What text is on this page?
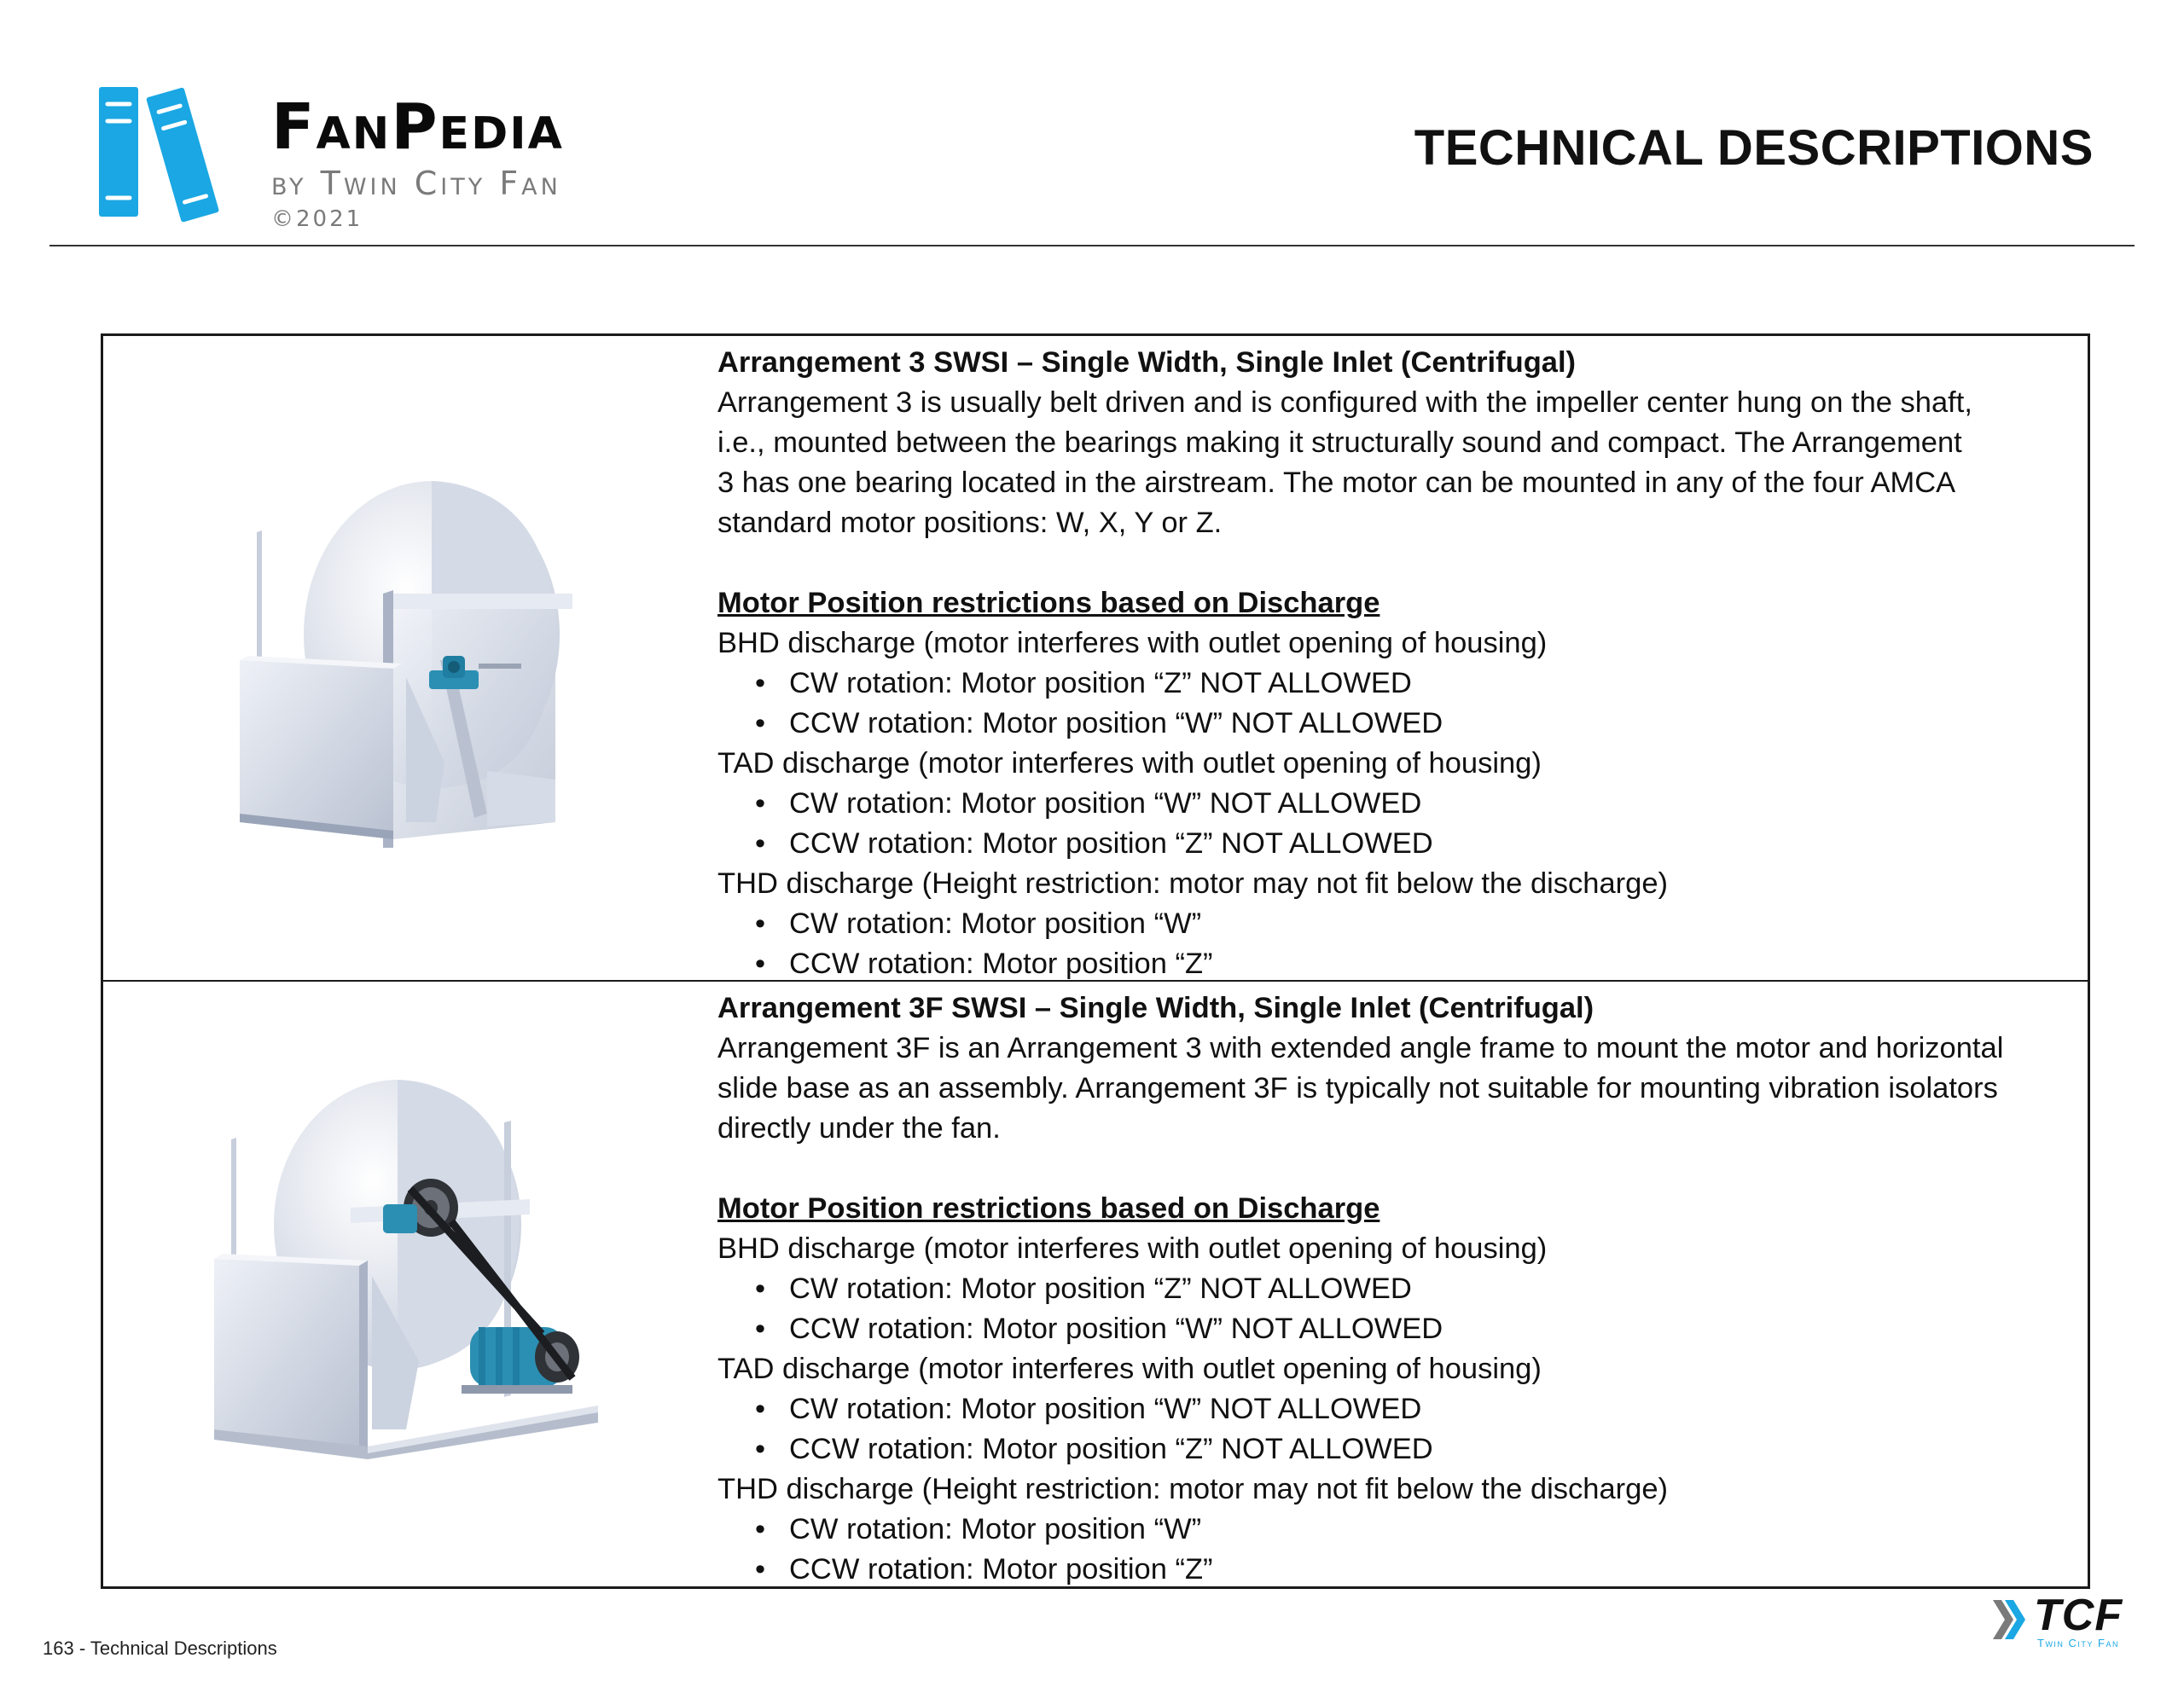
FanPedia
by Twin City Fan
©2021
TECHNICAL DESCRIPTIONS

Arrangement 3 SWSI – Single Width, Single Inlet (Centrifugal)

Arrangement 3 is usually belt driven and is configured with the impeller center hung on the shaft,

i.e., mounted between the bearings making it structurally sound and compact. The Arrangement

3 has one bearing located in the airstream. The motor can be mounted in any of the four AMCA

standard motor positions: W, X, Y or Z.

Motor Position restrictions based on Discharge

BHD discharge (motor interferes with outlet opening of housing)

• CW rotation: Motor position “Z” NOT ALLOWED
• CCW rotation: Motor position “W” NOT ALLOWED

TAD discharge (motor interferes with outlet opening of housing)

• CW rotation: Motor position “W” NOT ALLOWED
• CCW rotation: Motor position “Z” NOT ALLOWED

THD discharge (Height restriction: motor may not fit below the discharge)

• CW rotation: Motor position “W”
• CCW rotation: Motor position “Z”

Arrangement 3F SWSI – Single Width, Single Inlet (Centrifugal)

Arrangement 3F is an Arrangement 3 with extended angle frame to mount the motor and horizontal

slide base as an assembly. Arrangement 3F is typically not suitable for mounting vibration isolators

directly under the fan.

Motor Position restrictions based on Discharge

BHD discharge (motor interferes with outlet opening of housing)

• CW rotation: Motor position “Z” NOT ALLOWED
• CCW rotation: Motor position “W” NOT ALLOWED

TAD discharge (motor interferes with outlet opening of housing)

• CW rotation: Motor position “W” NOT ALLOWED
• CCW rotation: Motor position “Z” NOT ALLOWED

THD discharge (Height restriction: motor may not fit below the discharge)

• CW rotation: Motor position “W”
• CCW rotation: Motor position “Z”
163 - Technical Descriptions
TCF
Twin City Fan
